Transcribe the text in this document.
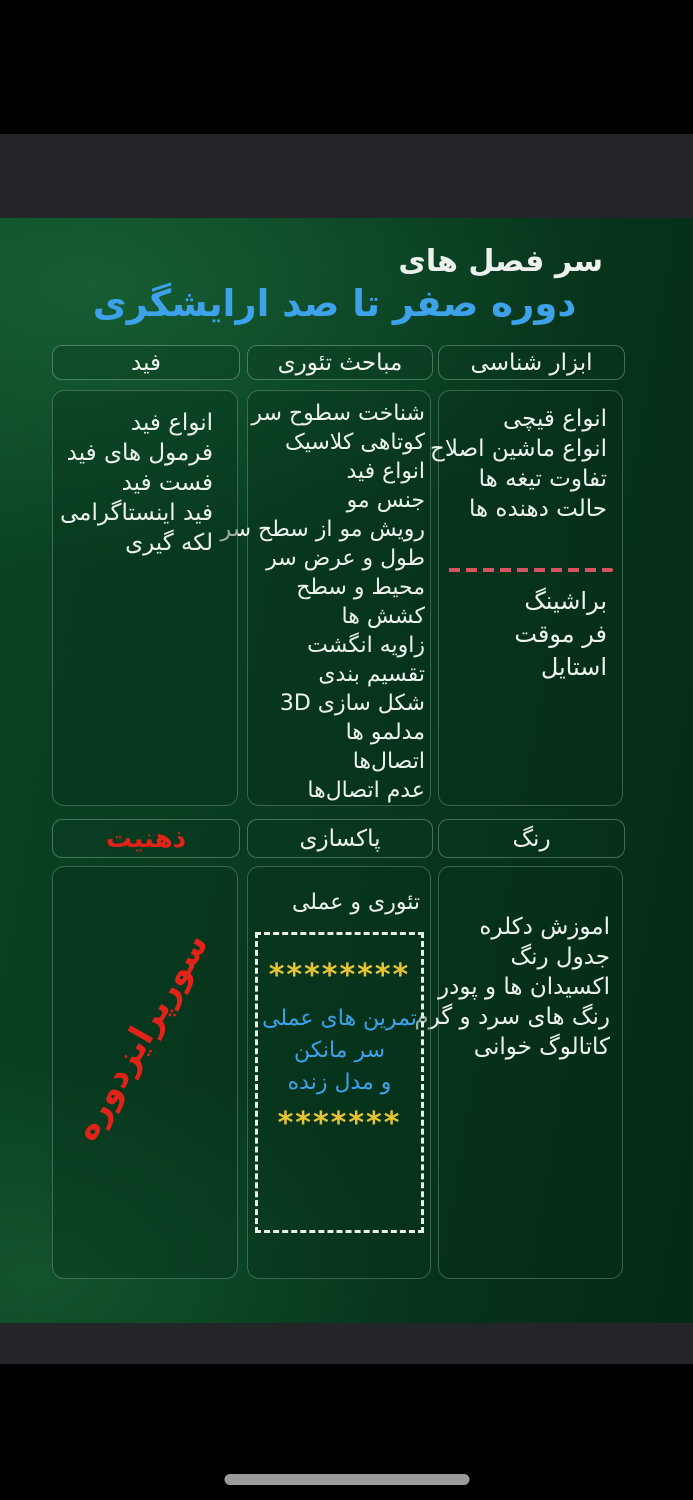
سر فصل های
دوره صفر تا صد ارایشگری
ابزار شناسی
مباحث تئوری
فید
انواع قیچی
انواع ماشین اصلاح
تفاوت تیغه ها
حالت دهنده ها
براشینگ
فر موقت
استایل
شناخت سطوح سر
کوتاهی کلاسیک
انواع فید
جنس مو
رویش مو از سطح سر
طول و عرض سر
محیط و سطح
کشش ها
زاویه انگشت
تقسیم بندی
شکل سازی 3D
مدلمو ها
اتصال‌ها
عدم اتصال‌ها
انواع فید
فرمول های فید
فست فید
فید اینستاگرامی
لکه گیری
رنگ
پاکسازی
ذهنیت
اموزش دکلره
جدول رنگ
اکسیدان ها و پودر
رنگ های سرد و گرم
کاتالوگ خوانی
تئوری و عملی
********
تمرین های عملی
سر مانکن
و مدل زنده
*******
سورپرایزدوره
